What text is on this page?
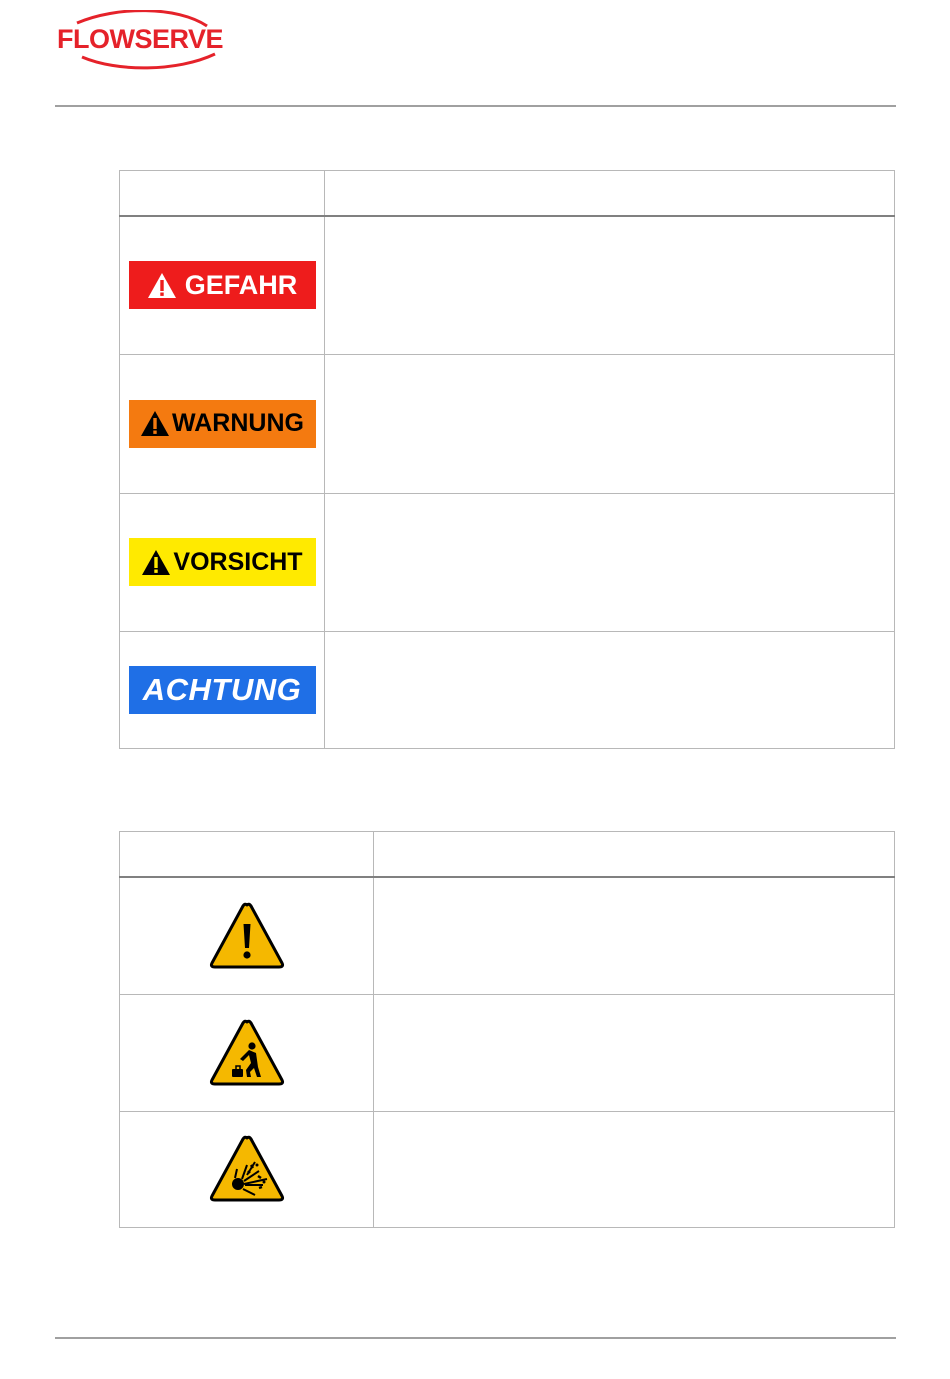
FLOWSERVE

GEFAHR	

WARNUNG	

VORSICHT	

ACHTUNG	
